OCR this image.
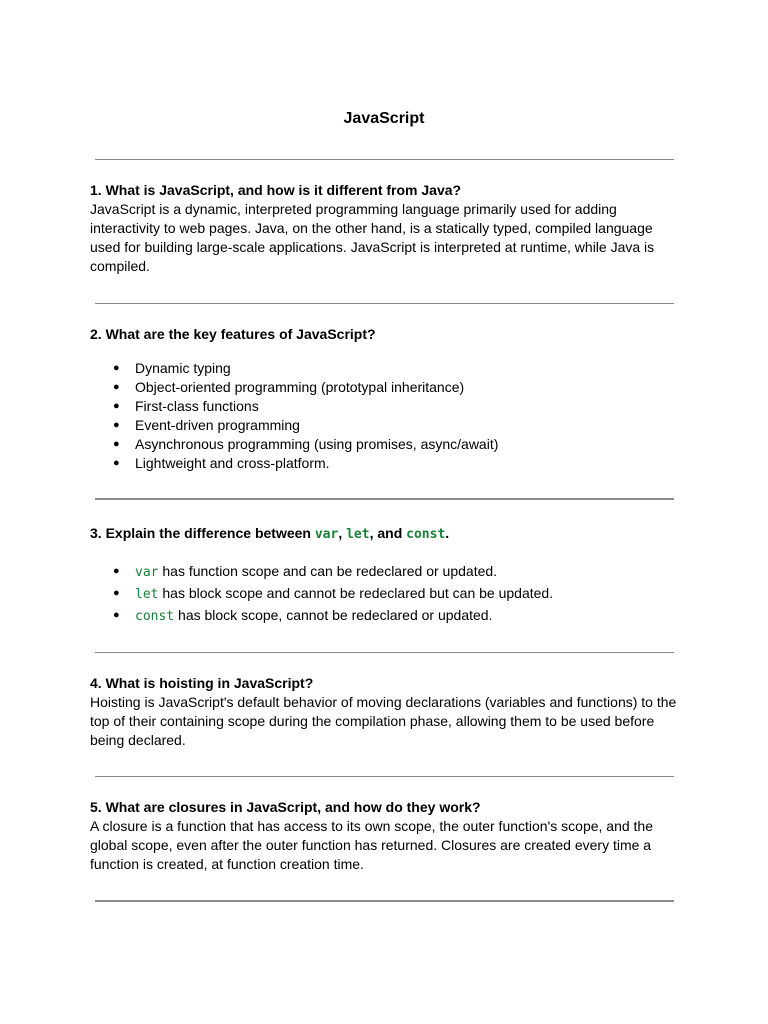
JavaScript

1. What is JavaScript, and how is it different from Java?

JavaScript is a dynamic, interpreted programming language primarily used for adding

interactivity to web pages. Java, on the other hand, is a statically typed, compiled language

used for building large-scale applications. JavaScript is interpreted at runtime, while Java is

compiled.

2. What are the key features of JavaScript?

● Dynamic typing
● Object-oriented programming (prototypal inheritance)
● First-class functions
● Event-driven programming
● Asynchronous programming (using promises, async/await)
● Lightweight and cross-platform.

3. Explain the difference between var, let, and const.

● var has function scope and can be redeclared or updated.
● let has block scope and cannot be redeclared but can be updated.
● const has block scope, cannot be redeclared or updated.

4. What is hoisting in JavaScript?

Hoisting is JavaScript's default behavior of moving declarations (variables and functions) to the

top of their containing scope during the compilation phase, allowing them to be used before

being declared.

5. What are closures in JavaScript, and how do they work?

A closure is a function that has access to its own scope, the outer function's scope, and the

global scope, even after the outer function has returned. Closures are created every time a

function is created, at function creation time.
